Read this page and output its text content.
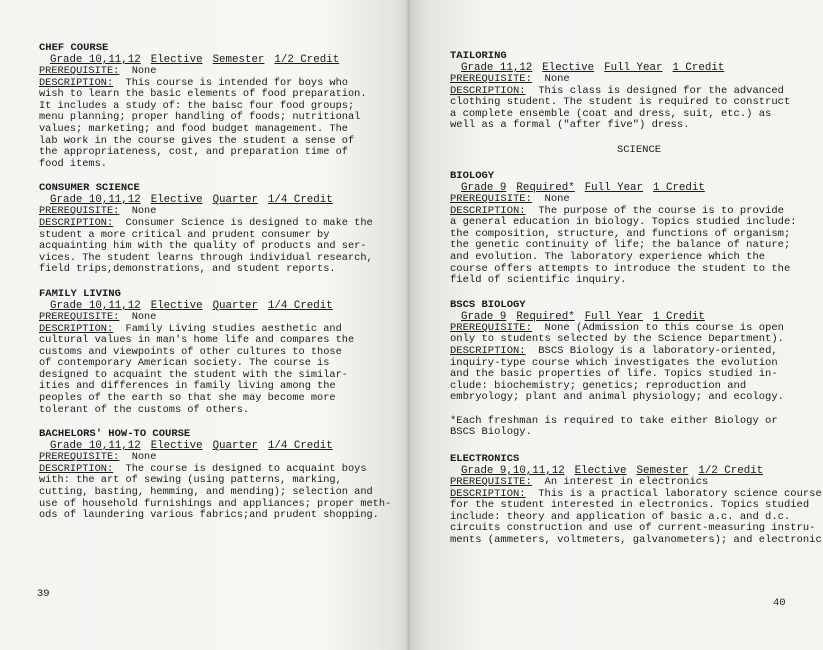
CHEF COURSE
Grade 10,11,12 Elective Semester 1/2 Credit
PREREQUISITE: None
DESCRIPTION: This course is intended for boys who
wish to learn the basic elements of food preparation.
It includes a study of: the baisc four food groups;
menu planning; proper handling of foods; nutritional
values; marketing; and food budget management. The
lab work in the course gives the student a sense of
the appropriateness, cost, and preparation time of
food items.
CONSUMER SCIENCE
Grade 10,11,12 Elective Quarter 1/4 Credit
PREREQUISITE: None
DESCRIPTION: Consumer Science is designed to make the
student a more critical and prudent consumer by
acquainting him with the quality of products and ser-
vices. The student learns through individual research,
field trips,demonstrations, and student reports.
FAMILY LIVING
Grade 10,11,12 Elective Quarter 1/4 Credit
PREREQUISITE: None
DESCRIPTION: Family Living studies aesthetic and
cultural values in man's home life and compares the
customs and viewpoints of other cultures to those
of contemporary American society. The course is
designed to acquaint the student with the similar-
ities and differences in family living among the
peoples of the earth so that she may become more
tolerant of the customs of others.
BACHELORS' HOW-TO COURSE
Grade 10,11,12 Elective Quarter 1/4 Credit
PREREQUISITE: None
DESCRIPTION: The course is designed to acquaint boys
with: the art of sewing (using patterns, marking,
cutting, basting, hemming, and mending); selection and
use of household furnishings and appliances; proper meth-
ods of laundering various fabrics;and prudent shopping.
39
TAILORING
Grade 11,12 Elective Full Year 1 Credit
PREREQUISITE: None
DESCRIPTION: This class is designed for the advanced
clothing student. The student is required to construct
a complete ensemble (coat and dress, suit, etc.) as
well as a formal ("after five") dress.
SCIENCE
BIOLOGY
Grade 9 Required* Full Year 1 Credit
PREREQUISITE: None
DESCRIPTION: The purpose of the course is to provide
a general education in biology. Topics studied include:
the composition, structure, and functions of organism;
the genetic continuity of life; the balance of nature;
and evolution. The laboratory experience which the
course offers attempts to introduce the student to the
field of scientific inquiry.
BSCS BIOLOGY
Grade 9 Required* Full Year 1 Credit
PREREQUISITE: None (Admission to this course is open
only to students selected by the Science Department).
DESCRIPTION: BSCS Biology is a laboratory-oriented,
inquiry-type course which investigates the evolution
and the basic properties of life. Topics studied in-
clude: biochemistry; genetics; reproduction and
embryology; plant and animal physiology; and ecology.
*Each freshman is required to take either Biology or
BSCS Biology.
ELECTRONICS
Grade 9,10,11,12 Elective Semester 1/2 Credit
PREREQUISITE: An interest in electronics
DESCRIPTION: This is a practical laboratory science course
for the student interested in electronics. Topics studied
include: theory and application of basic a.c. and d.c.
circuits construction and use of current-measuring instru-
ments (ammeters, voltmeters, galvanometers); and electronic
40
